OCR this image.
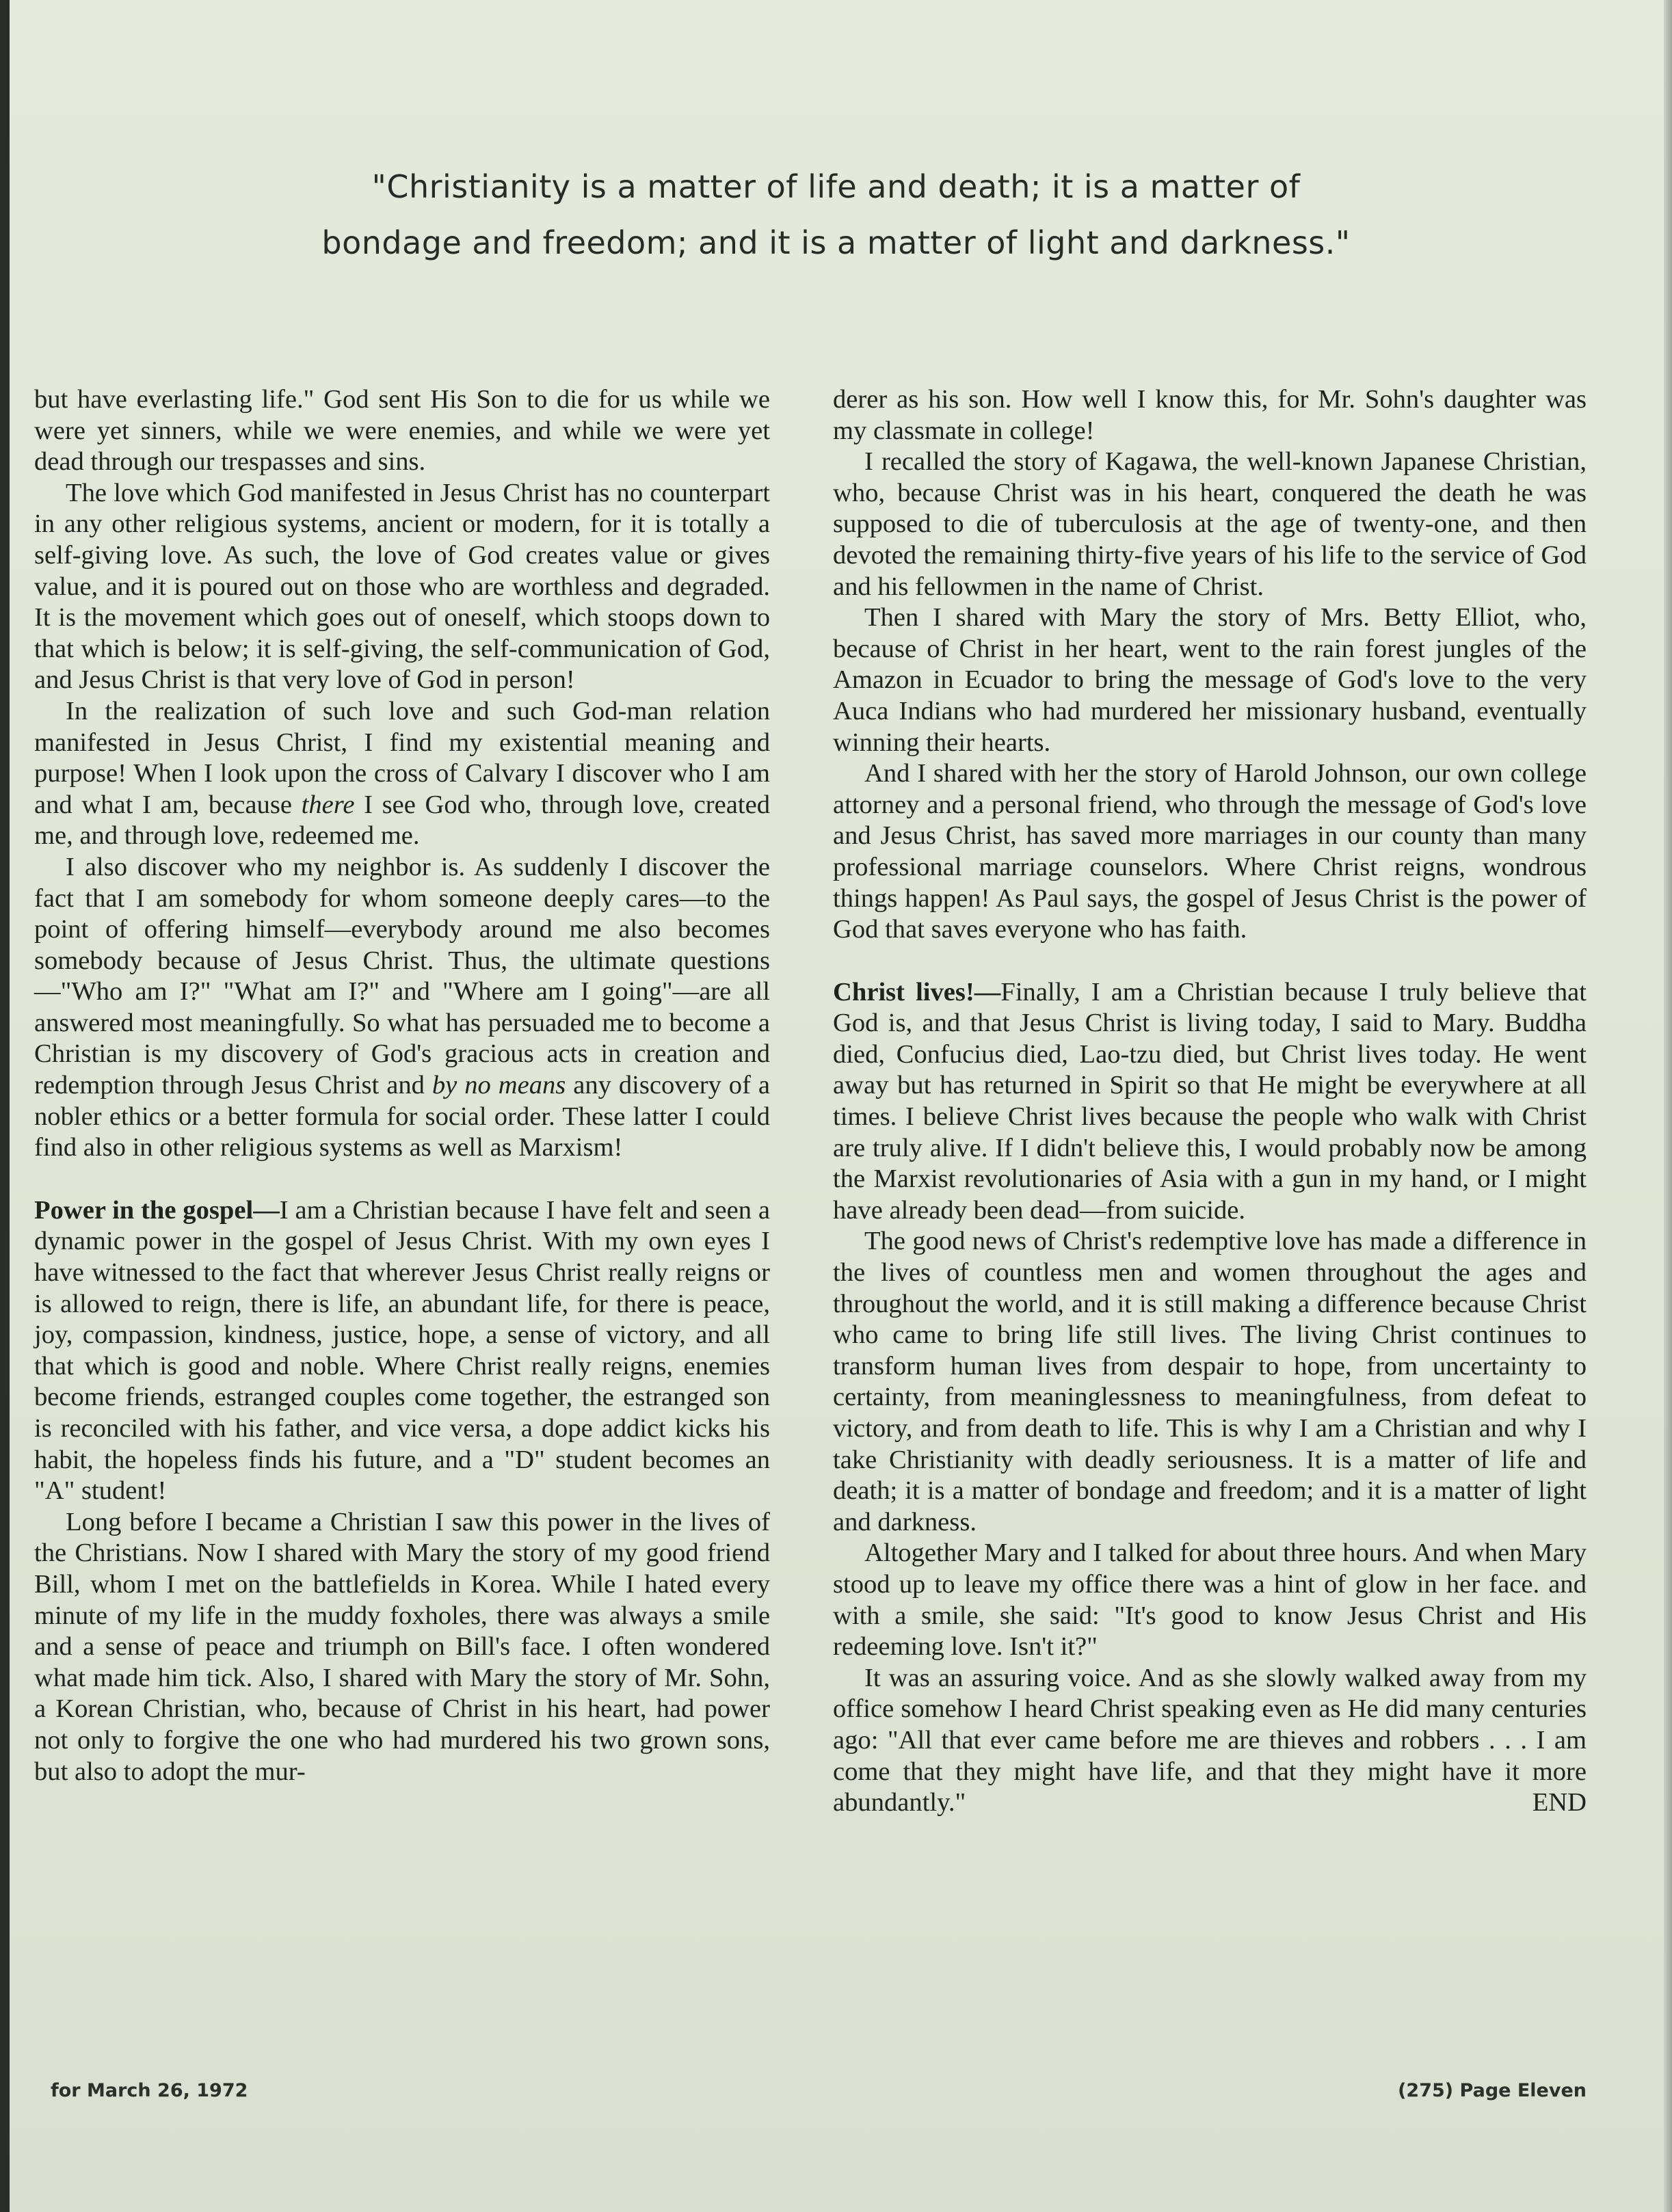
"Christianity is a matter of life and death; it is a matter of
bondage and freedom; and it is a matter of light and darkness."

but have everlasting life." God sent His Son to die for us while we were yet sinners, while we were enemies, and while we were yet dead through our trespasses and sins.

The love which God manifested in Jesus Christ has no counterpart in any other religious systems, ancient or modern, for it is totally a self-giving love. As such, the love of God creates value or gives value, and it is poured out on those who are worthless and degraded. It is the movement which goes out of oneself, which stoops down to that which is below; it is self-giving, the self-communication of God, and Jesus Christ is that very love of God in person!

In the realization of such love and such God-man relation manifested in Jesus Christ, I find my existential meaning and purpose! When I look upon the cross of Calvary I discover who I am and what I am, because there I see God who, through love, created me, and through love, redeemed me.

I also discover who my neighbor is. As suddenly I discover the fact that I am somebody for whom someone deeply cares—to the point of offering himself—everybody around me also becomes somebody because of Jesus Christ. Thus, the ultimate questions—"Who am I?" "What am I?" and "Where am I going"—are all answered most meaningfully. So what has persuaded me to become a Christian is my discovery of God's gracious acts in creation and redemption through Jesus Christ and by no means any discovery of a nobler ethics or a better formula for social order. These latter I could find also in other religious systems as well as Marxism!

Power in the gospel—I am a Christian because I have felt and seen a dynamic power in the gospel of Jesus Christ. With my own eyes I have witnessed to the fact that wherever Jesus Christ really reigns or is allowed to reign, there is life, an abundant life, for there is peace, joy, compassion, kindness, justice, hope, a sense of victory, and all that which is good and noble. Where Christ really reigns, enemies become friends, estranged couples come together, the estranged son is reconciled with his father, and vice versa, a dope addict kicks his habit, the hopeless finds his future, and a "D" student becomes an "A" student!

Long before I became a Christian I saw this power in the lives of the Christians. Now I shared with Mary the story of my good friend Bill, whom I met on the battlefields in Korea. While I hated every minute of my life in the muddy foxholes, there was always a smile and a sense of peace and triumph on Bill's face. I often wondered what made him tick. Also, I shared with Mary the story of Mr. Sohn, a Korean Christian, who, because of Christ in his heart, had power not only to forgive the one who had murdered his two grown sons, but also to adopt the mur-

derer as his son. How well I know this, for Mr. Sohn's daughter was my classmate in college!

I recalled the story of Kagawa, the well-known Japanese Christian, who, because Christ was in his heart, conquered the death he was supposed to die of tuberculosis at the age of twenty-one, and then devoted the remaining thirty-five years of his life to the service of God and his fellowmen in the name of Christ.

Then I shared with Mary the story of Mrs. Betty Elliot, who, because of Christ in her heart, went to the rain forest jungles of the Amazon in Ecuador to bring the message of God's love to the very Auca Indians who had murdered her missionary husband, eventually winning their hearts.

And I shared with her the story of Harold Johnson, our own college attorney and a personal friend, who through the message of God's love and Jesus Christ, has saved more marriages in our county than many professional marriage counselors. Where Christ reigns, wondrous things happen! As Paul says, the gospel of Jesus Christ is the power of God that saves everyone who has faith.

Christ lives!—Finally, I am a Christian because I truly believe that God is, and that Jesus Christ is living today, I said to Mary. Buddha died, Confucius died, Lao-tzu died, but Christ lives today. He went away but has returned in Spirit so that He might be everywhere at all times. I believe Christ lives because the people who walk with Christ are truly alive. If I didn't believe this, I would probably now be among the Marxist revolutionaries of Asia with a gun in my hand, or I might have already been dead—from suicide.

The good news of Christ's redemptive love has made a difference in the lives of countless men and women throughout the ages and throughout the world, and it is still making a difference because Christ who came to bring life still lives. The living Christ continues to transform human lives from despair to hope, from uncertainty to certainty, from meaninglessness to meaningfulness, from defeat to victory, and from death to life. This is why I am a Christian and why I take Christianity with deadly seriousness. It is a matter of life and death; it is a matter of bondage and freedom; and it is a matter of light and darkness.

Altogether Mary and I talked for about three hours. And when Mary stood up to leave my office there was a hint of glow in her face. and with a smile, she said: "It's good to know Jesus Christ and His redeeming love. Isn't it?"

It was an assuring voice. And as she slowly walked away from my office somehow I heard Christ speaking even as He did many centuries ago: "All that ever came before me are thieves and robbers . . . I am come that they might have life, and that they might have it more abundantly."	END
for March 26, 1972	(275) Page Eleven
